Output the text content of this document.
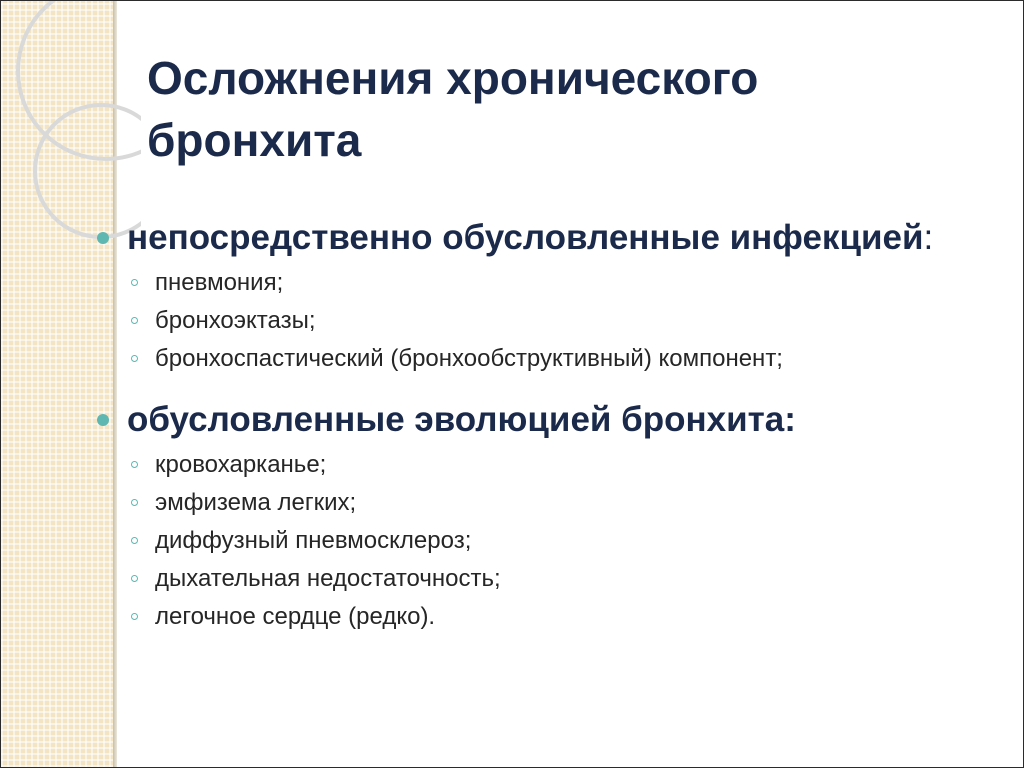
Осложнения хронического бронхита
непосредственно обусловленные инфекцией:
пневмония;
бронхоэктазы;
бронхоспастический (бронхообструктивный) компонент;
обусловленные эволюцией бронхита:
кровохарканье;
эмфизема легких;
диффузный пневмосклероз;
дыхательная недостаточность;
легочное сердце (редко).
